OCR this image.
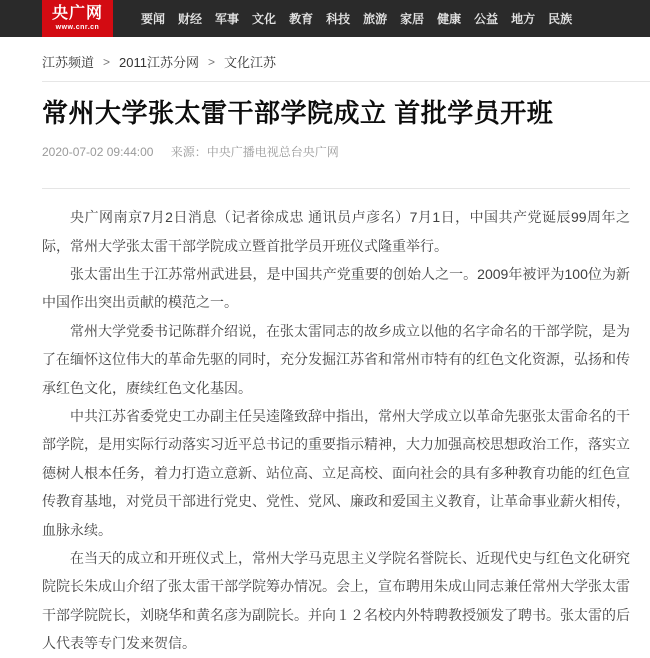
央广网
www.cnr.cn
要闻 财经 军事 文化 教育 科技 旅游 家居 健康 公益 地方 民族
江苏频道 > 2011江苏分网 > 文化江苏
常州大学张太雷干部学院成立 首批学员开班
2020-07-02 09:44:00 来源：中央广播电视总台央广网

央广网南京7月2日消息（记者徐成忠 通讯员卢彦名）7月1日，中国共产党诞辰99周年之际，常州大学张太雷干部学院成立暨首批学员开班仪式隆重举行。

张太雷出生于江苏常州武进县，是中国共产党重要的创始人之一。2009年被评为100位为新中国作出突出贡献的模范之一。

常州大学党委书记陈群介绍说，在张太雷同志的故乡成立以他的名字命名的干部学院，是为了在缅怀这位伟大的革命先驱的同时，充分发掘江苏省和常州市特有的红色文化资源，弘扬和传承红色文化，赓续红色文化基因。

中共江苏省委党史工办副主任吴逵隆致辞中指出，常州大学成立以革命先驱张太雷命名的干部学院，是用实际行动落实习近平总书记的重要指示精神，大力加强高校思想政治工作，落实立德树人根本任务，着力打造立意新、站位高、立足高校、面向社会的具有多种教育功能的红色宣传教育基地，对党员干部进行党史、党性、党风、廉政和爱国主义教育，让革命事业薪火相传，血脉永续。

在当天的成立和开班仪式上，常州大学马克思主义学院名誉院长、近现代史与红色文化研究院院长朱成山介绍了张太雷干部学院筹办情况。会上，宣布聘用朱成山同志兼任常州大学张太雷干部学院院长，刘晓华和黄名彦为副院长。并向１２名校内外特聘教授颁发了聘书。张太雷的后人代表等专门发来贺信。
